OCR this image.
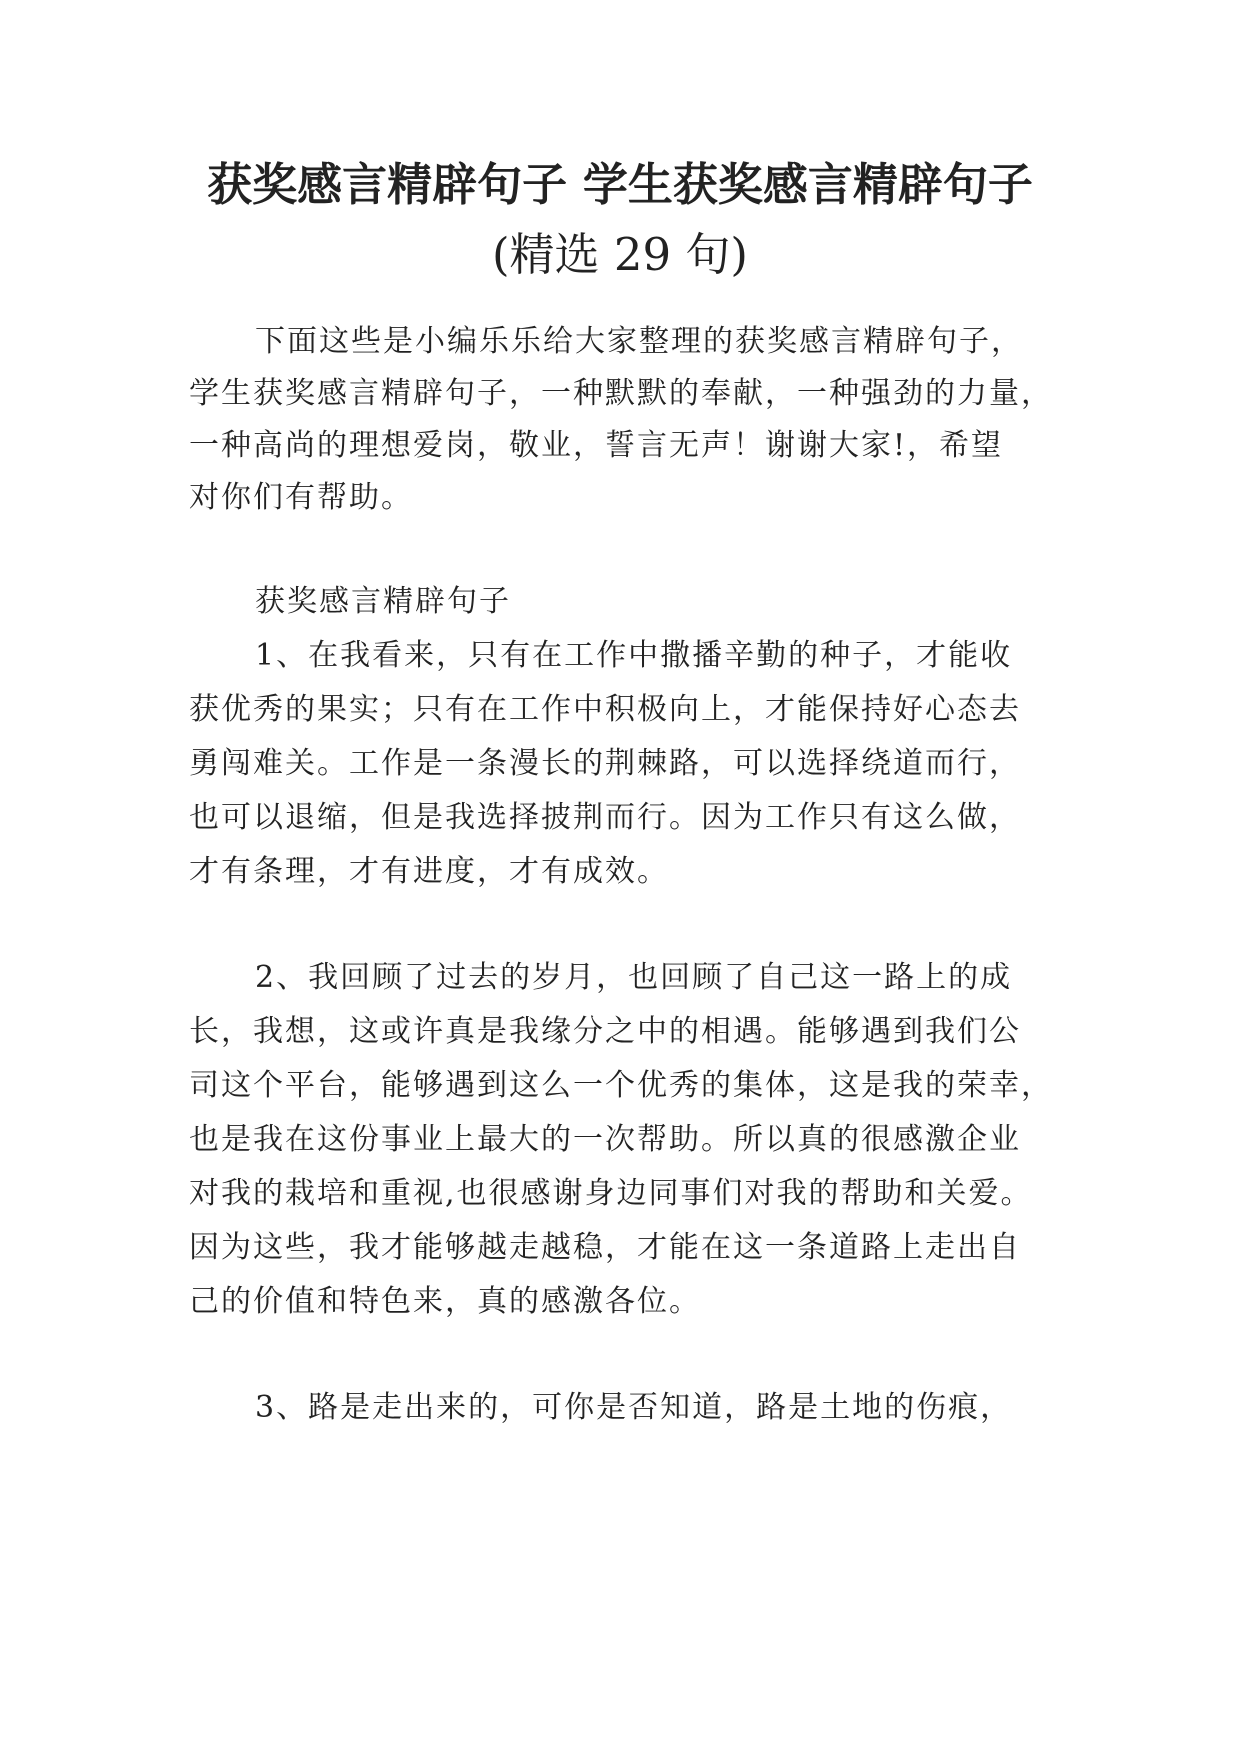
获奖感言精辟句子 学生获奖感言精辟句子
(精选 29 句)

下面这些是小编乐乐给大家整理的获奖感言精辟句子，

学生获奖感言精辟句子，一种默默的奉献，一种强劲的力量，

一种高尚的理想爱岗，敬业，誓言无声！谢谢大家!，希望

对你们有帮助。

获奖感言精辟句子

1、在我看来，只有在工作中撒播辛勤的种子，才能收

获优秀的果实；只有在工作中积极向上，才能保持好心态去

勇闯难关。工作是一条漫长的荆棘路，可以选择绕道而行，

也可以退缩，但是我选择披荆而行。因为工作只有这么做，

才有条理，才有进度，才有成效。

2、我回顾了过去的岁月，也回顾了自己这一路上的成

长，我想，这或许真是我缘分之中的相遇。能够遇到我们公

司这个平台，能够遇到这么一个优秀的集体，这是我的荣幸，

也是我在这份事业上最大的一次帮助。所以真的很感激企业

对我的栽培和重视,也很感谢身边同事们对我的帮助和关爱。

因为这些，我才能够越走越稳，才能在这一条道路上走出自

己的价值和特色来，真的感激各位。

3、路是走出来的，可你是否知道，路是土地的伤痕，
